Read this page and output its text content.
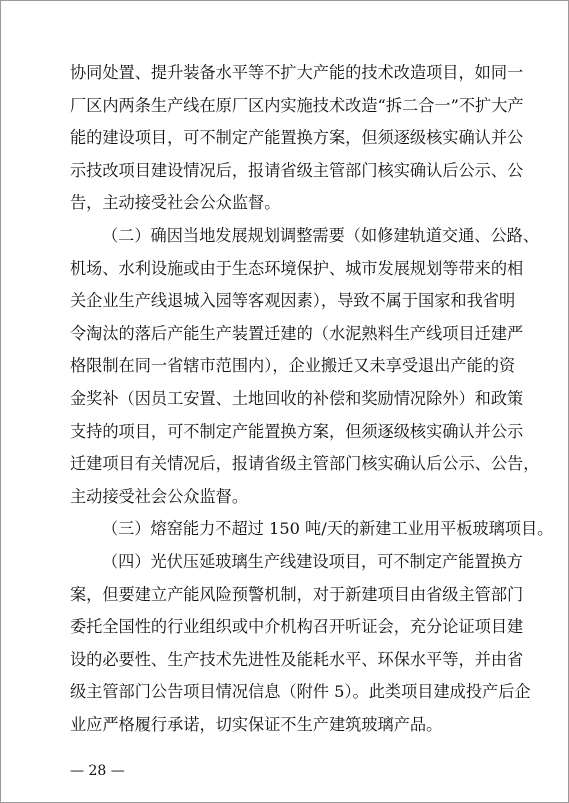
协同处置、提升装备水平等不扩大产能的技术改造项目，如同一
厂区内两条生产线在原厂区内实施技术改造“拆二合一”不扩大产
能的建设项目，可不制定产能置换方案，但须逐级核实确认并公
示技改项目建设情况后，报请省级主管部门核实确认后公示、公
告，主动接受社会公众监督。
（二）确因当地发展规划调整需要（如修建轨道交通、公路、
机场、水利设施或由于生态环境保护、城市发展规划等带来的相
关企业生产线退城入园等客观因素），导致不属于国家和我省明
令淘汰的落后产能生产装置迁建的（水泥熟料生产线项目迁建严
格限制在同一省辖市范围内），企业搬迁又未享受退出产能的资
金奖补（因员工安置、土地回收的补偿和奖励情况除外）和政策
支持的项目，可不制定产能置换方案，但须逐级核实确认并公示
迁建项目有关情况后，报请省级主管部门核实确认后公示、公告，
主动接受社会公众监督。
（三）熔窑能力不超过 150 吨/天的新建工业用平板玻璃项目。
（四）光伏压延玻璃生产线建设项目，可不制定产能置换方
案，但要建立产能风险预警机制，对于新建项目由省级主管部门
委托全国性的行业组织或中介机构召开听证会，充分论证项目建
设的必要性、生产技术先进性及能耗水平、环保水平等，并由省
级主管部门公告项目情况信息（附件 5）。此类项目建成投产后企
业应严格履行承诺，切实保证不生产建筑玻璃产品。
— 28 —
